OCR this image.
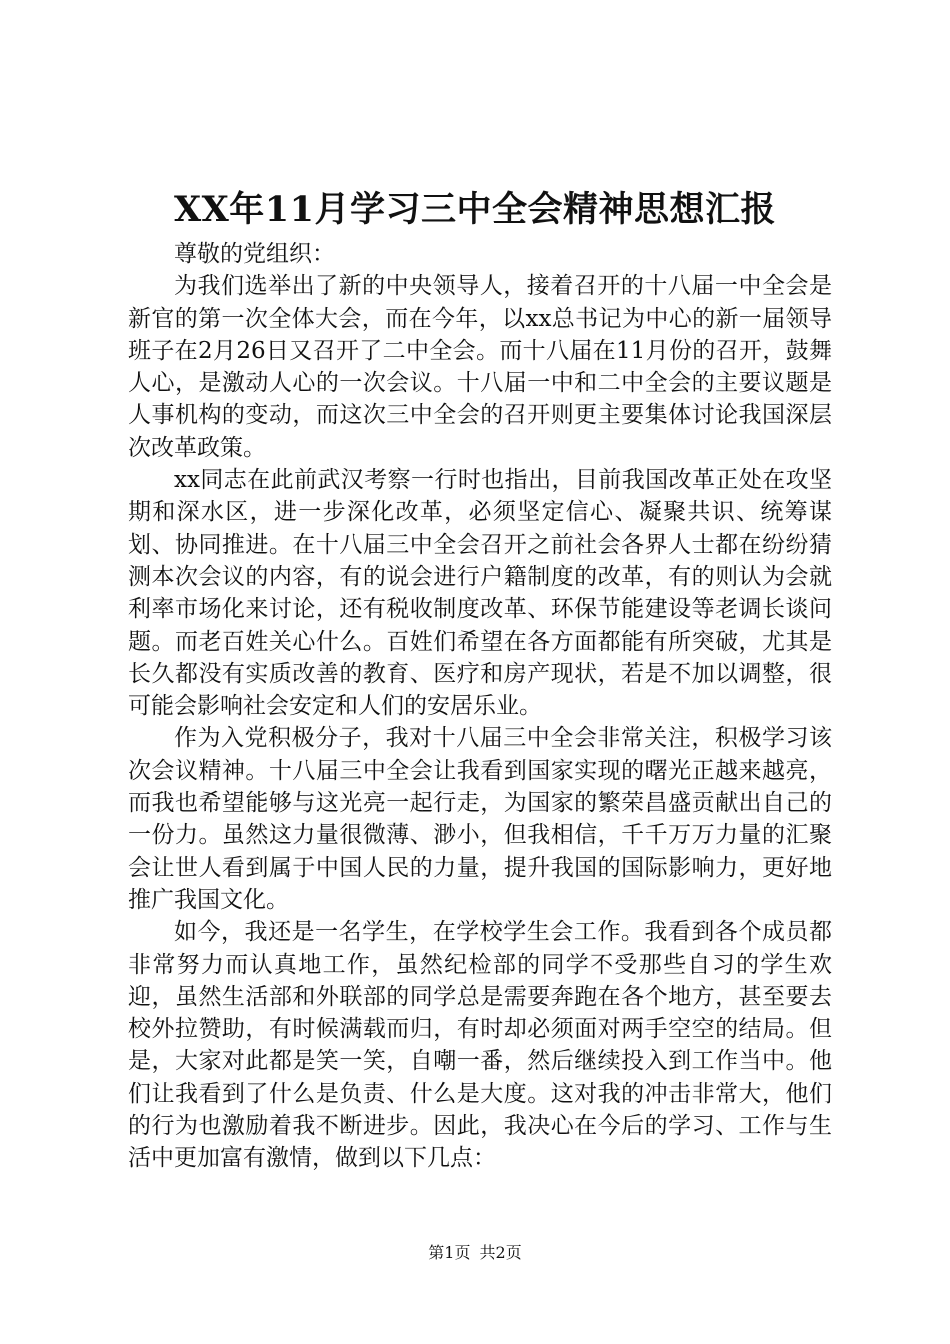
XX年11月学习三中全会精神思想汇报

尊敬的党组织：

为我们选举出了新的中央领导人，接着召开的十八届一中全会是新官的第一次全体大会，而在今年，以xx总书记为中心的新一届领导班子在2月26日又召开了二中全会。而十八届在11月份的召开，鼓舞人心，是激动人心的一次会议。十八届一中和二中全会的主要议题是人事机构的变动，而这次三中全会的召开则更主要集体讨论我国深层次改革政策。

xx同志在此前武汉考察一行时也指出，目前我国改革正处在攻坚期和深水区，进一步深化改革，必须坚定信心、凝聚共识、统筹谋划、协同推进。在十八届三中全会召开之前社会各界人士都在纷纷猜测本次会议的内容，有的说会进行户籍制度的改革，有的则认为会就利率市场化来讨论，还有税收制度改革、环保节能建设等老调长谈问题。而老百姓关心什么。百姓们希望在各方面都能有所突破，尤其是长久都没有实质改善的教育、医疗和房产现状，若是不加以调整，很可能会影响社会安定和人们的安居乐业。

作为入党积极分子，我对十八届三中全会非常关注，积极学习该次会议精神。十八届三中全会让我看到国家实现的曙光正越来越亮，而我也希望能够与这光亮一起行走，为国家的繁荣昌盛贡献出自己的一份力。虽然这力量很微薄、渺小，但我相信，千千万万力量的汇聚会让世人看到属于中国人民的力量，提升我国的国际影响力，更好地推广我国文化。

如今，我还是一名学生，在学校学生会工作。我看到各个成员都非常努力而认真地工作，虽然纪检部的同学不受那些自习的学生欢迎，虽然生活部和外联部的同学总是需要奔跑在各个地方，甚至要去校外拉赞助，有时候满载而归，有时却必须面对两手空空的结局。但是，大家对此都是笑一笑，自嘲一番，然后继续投入到工作当中。他们让我看到了什么是负责、什么是大度。这对我的冲击非常大，他们的行为也激励着我不断进步。因此，我决心在今后的学习、工作与生活中更加富有激情，做到以下几点：

第1页 共2页
